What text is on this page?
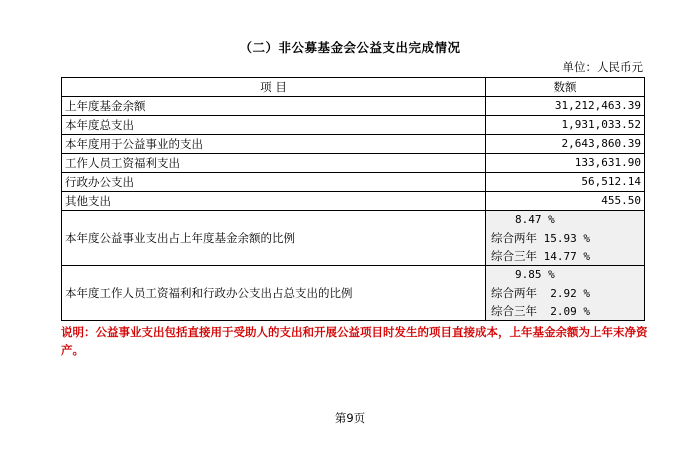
（二）非公募基金会公益支出完成情况
单位：人民币元
项 目	数额
上年度基金余额	31,212,463.39
本年度总支出	1,931,033.52
本年度用于公益事业的支出	2,643,860.39
工作人员工资福利支出	133,631.90
行政办公支出	56,512.14
其他支出	455.50
本年度公益事业支出占上年度基金余额的比例	8.47 %
综合两年 15.93 %
综合三年 14.77 %

本年度工作人员工资福利和行政办公支出占总支出的比例	9.85 %
综合两年 2.92 %
综合三年 2.09 %
说明：公益事业支出包括直接用于受助人的支出和开展公益项目时发生的项目直接成本，上年基金余额为上年末净资产。
第9页
